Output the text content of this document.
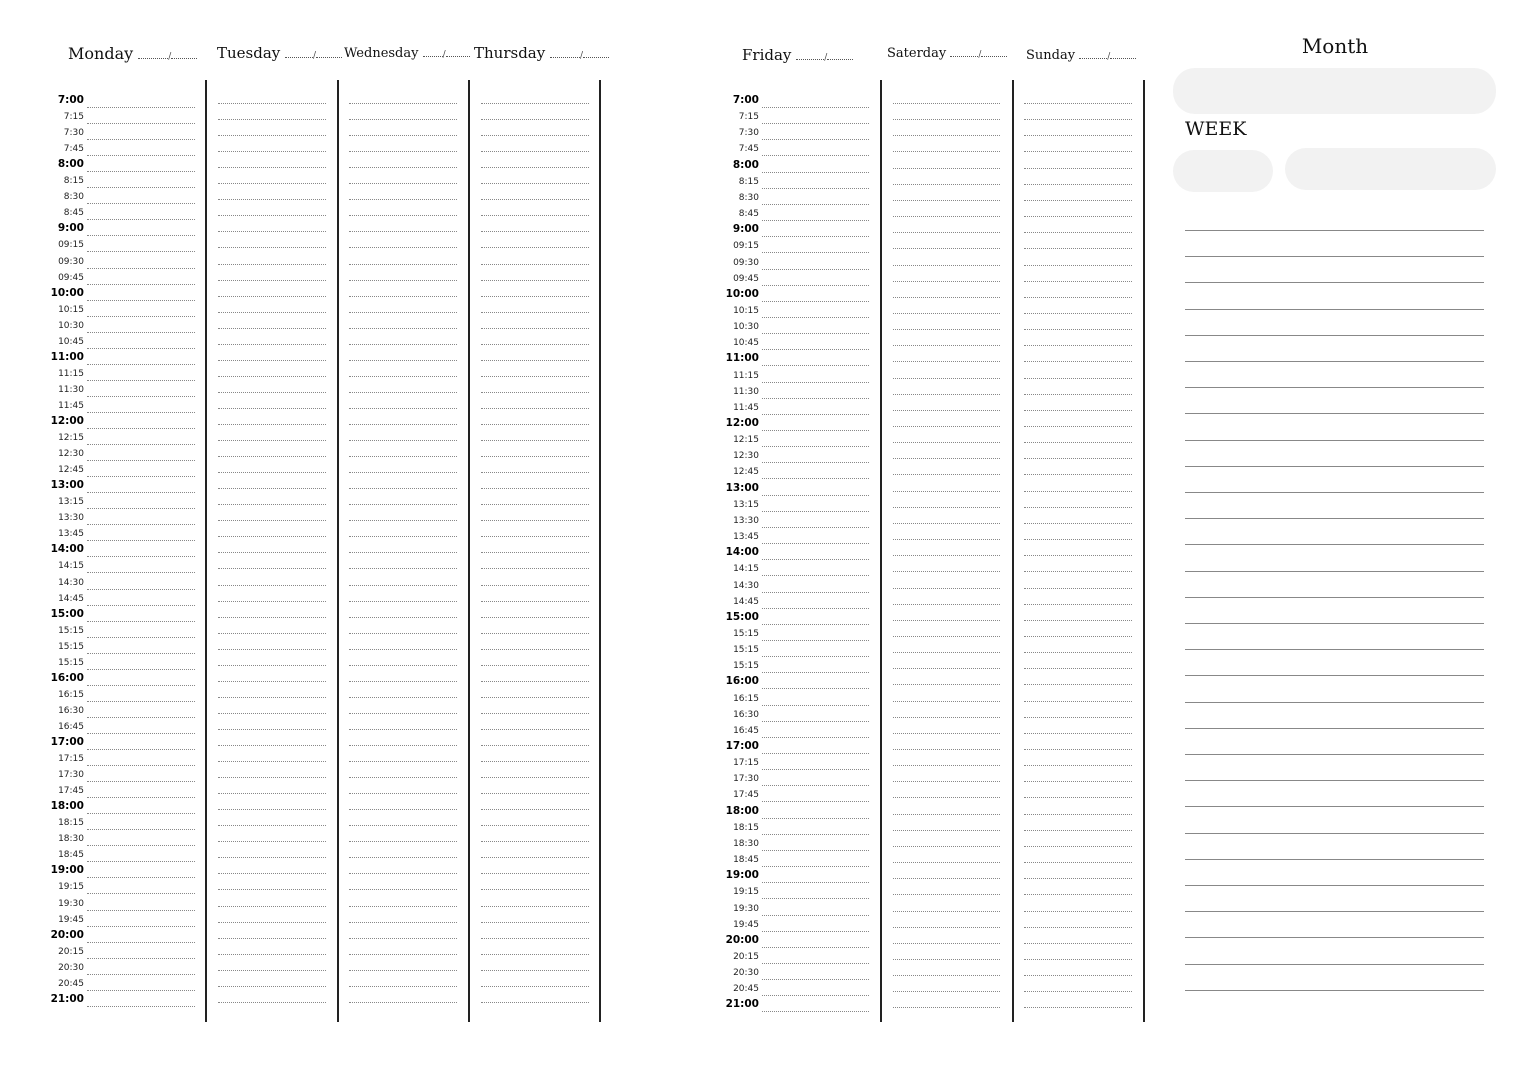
Monday	/	Tuesday	/	Wednesday	/	Thursday	/	Friday	/	Saterday	/	Sunday	/
7:00
7:15
7:30
7:45
8:00
8:15
8:30
8:45
9:00
09:15
09:30
09:45
10:00
10:15
10:30
10:45
11:00
11:15
11:30
11:45
12:00
12:15
12:30
12:45
13:00
13:15
13:30
13:45
14:00
14:15
14:30
14:45
15:00
15:15
15:15
15:15
16:00
16:15
16:30
16:45
17:00
17:15
17:30
17:45
18:00
18:15
18:30
18:45
19:00
19:15
19:30
19:45
20:00
20:15
20:30
20:45
21:00
7:00
7:15
7:30
7:45
8:00
8:15
8:30
8:45
9:00
09:15
09:30
09:45
10:00
10:15
10:30
10:45
11:00
11:15
11:30
11:45
12:00
12:15
12:30
12:45
13:00
13:15
13:30
13:45
14:00
14:15
14:30
14:45
15:00
15:15
15:15
15:15
16:00
16:15
16:30
16:45
17:00
17:15
17:30
17:45
18:00
18:15
18:30
18:45
19:00
19:15
19:30
19:45
20:00
20:15
20:30
20:45
21:00
Month
WEEK
